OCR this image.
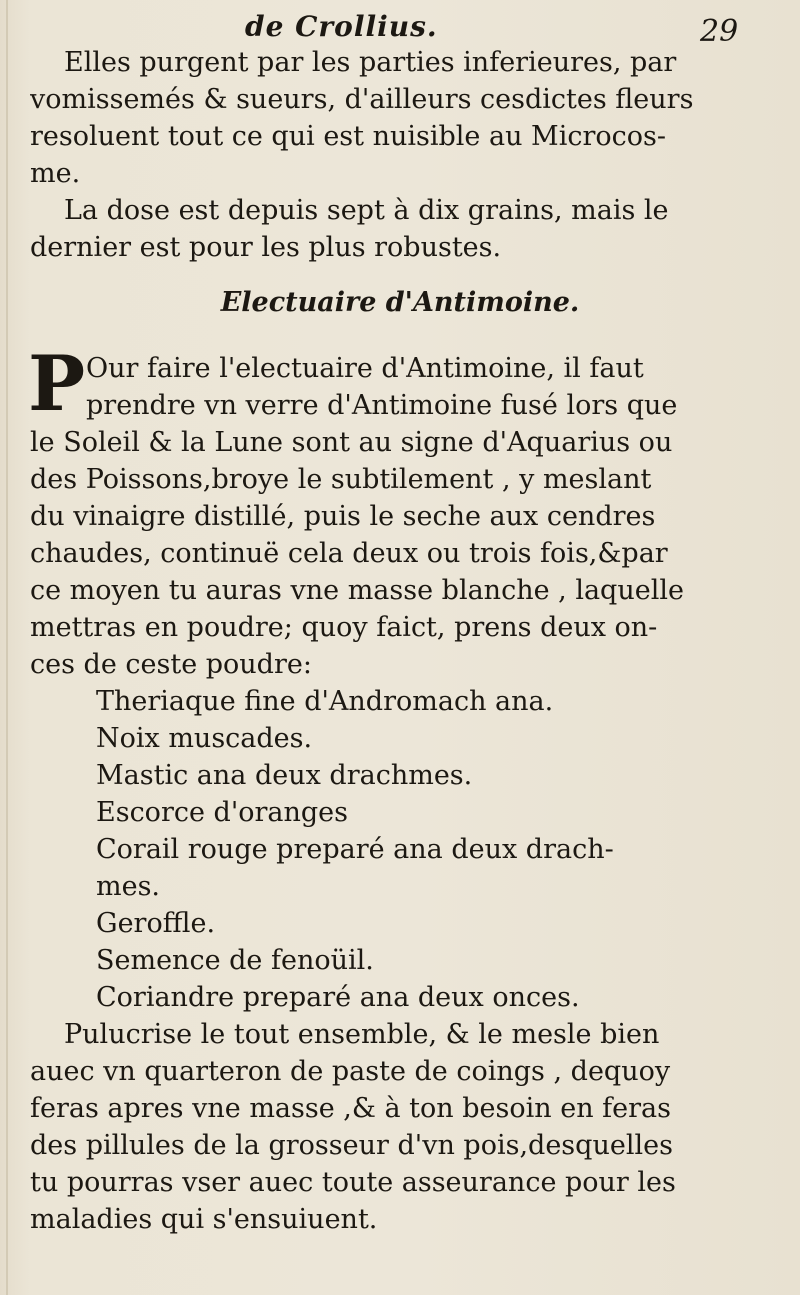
de Crollius.	29
Elles purgent par les parties inferieures, par
vomissemés & sueurs, d'ailleurs cesdictes fleurs
resoluent tout ce qui est nuisible au Microcos-
me.
La dose est depuis sept à dix grains, mais le
dernier est pour les plus robustes.
Electuaire d'Antimoine.
P Our faire l'electuaire d'Antimoine, il faut
prendre vn verre d'Antimoine fusé lors que
le Soleil & la Lune sont au signe d'Aquarius ou
des Poissons,broye le subtilement , y meslant
du vinaigre distillé, puis le seche aux cendres
chaudes, continuë cela deux ou trois fois,&par
ce moyen tu auras vne masse blanche , laquelle
mettras en poudre; quoy faict, prens deux on-
ces de ceste poudre:
Theriaque fine d'Andromach ana.
Noix muscades.
Mastic ana deux drachmes.
Escorce d'oranges
Corail rouge preparé ana deux drach-
mes.
Geroffle.
Semence de fenoüil.
Coriandre preparé ana deux onces.
Pulucrise le tout ensemble, & le mesle bien
auec vn quarteron de paste de coings , dequoy
feras apres vne masse ,& à ton besoin en feras
des pillules de la grosseur d'vn pois,desquelles
tu pourras vser auec toute asseurance pour les
maladies qui s'ensuiuent.
